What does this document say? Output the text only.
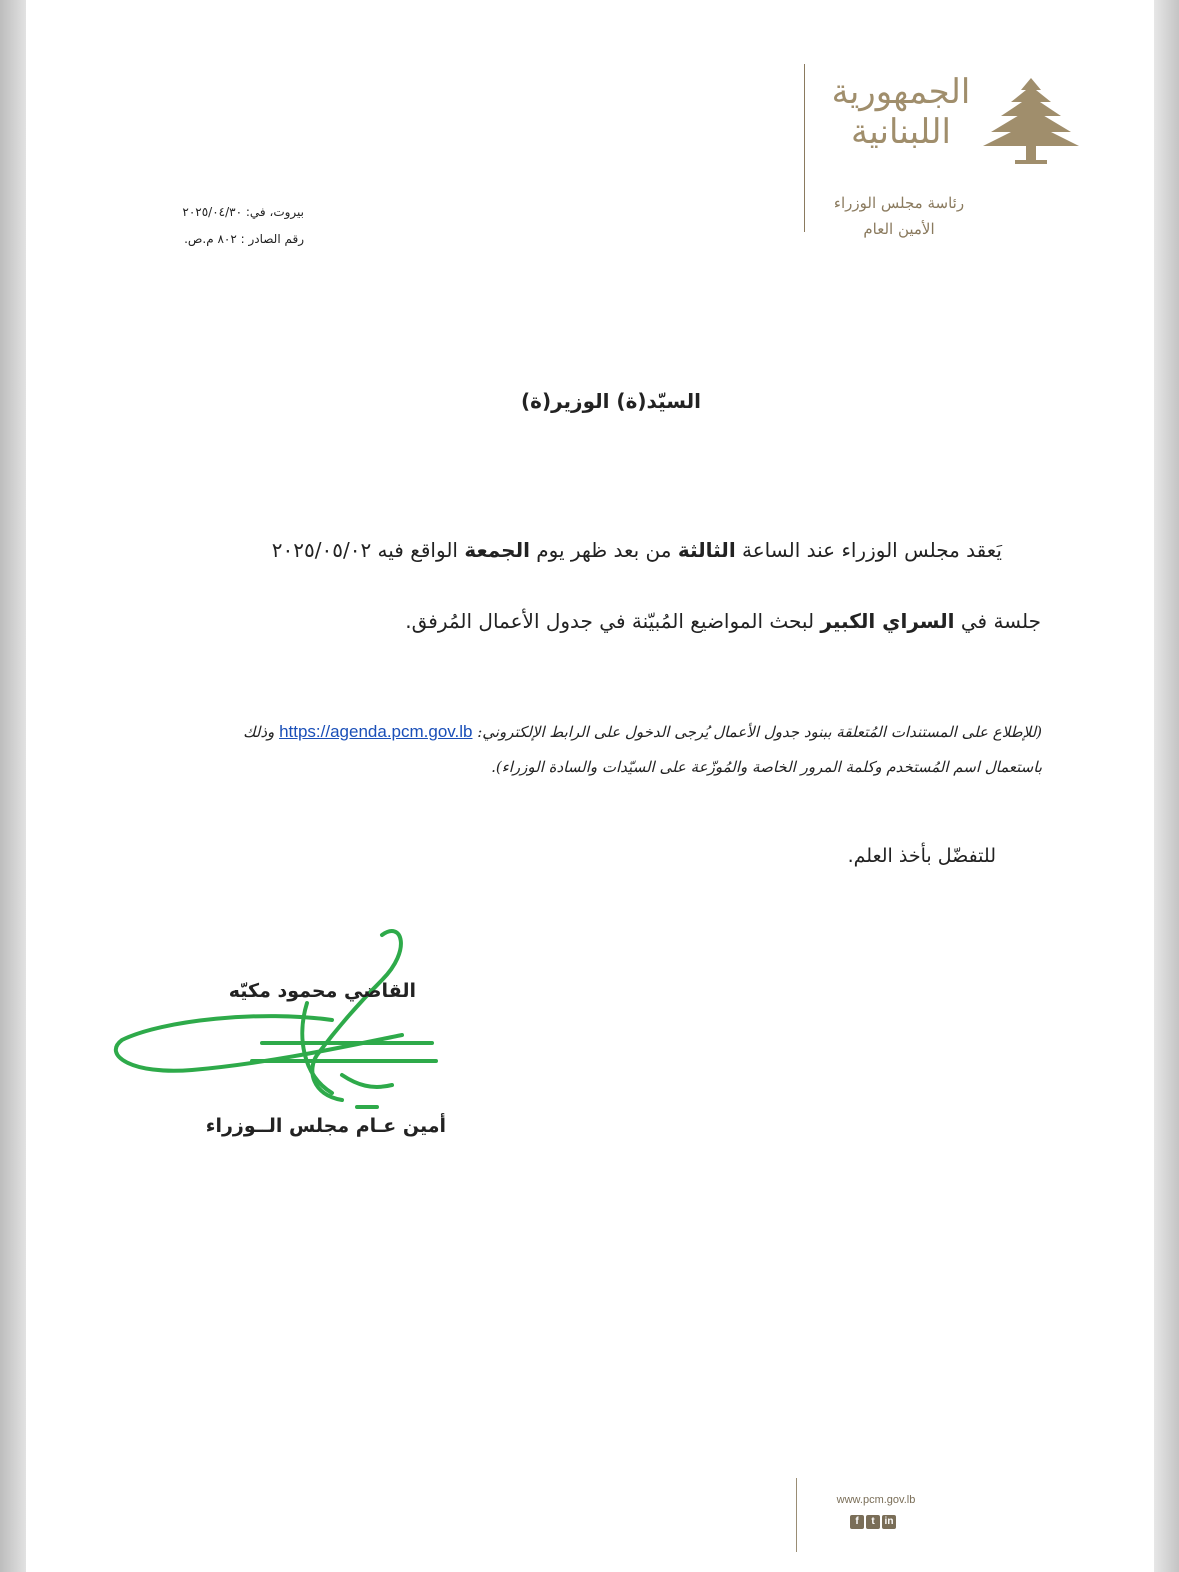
الجمهورية
اللبنانية
رئاسة مجلس الوزراء
الأمين العام
بيروت، في: ٢٠٢٥/٠٤/٣٠
رقم الصادر : ٨٠٢ م.ص.
السيّد(ة) الوزير(ة)
يَعقد مجلس الوزراء عند الساعة الثالثة من بعد ظهر يوم الجمعة الواقع فيه ٢٠٢٥/٠٥/٠٢
جلسة في السراي الكبير لبحث المواضيع المُبيّنة في جدول الأعمال المُرفق.
(للإطلاع على المستندات المُتعلقة ببنود جدول الأعمال يُرجى الدخول على الرابط الإلكتروني: https://agenda.pcm.gov.lb وذلك
باستعمال اسم المُستخدم وكلمة المرور الخاصة والمُوزّعة على السيّدات والسادة الوزراء).
للتفضّل بأخذ العلم.
القاضي محمود مكيّه
أمين عـام مجلس الــوزراء
www.pcm.gov.lb
f	t in
